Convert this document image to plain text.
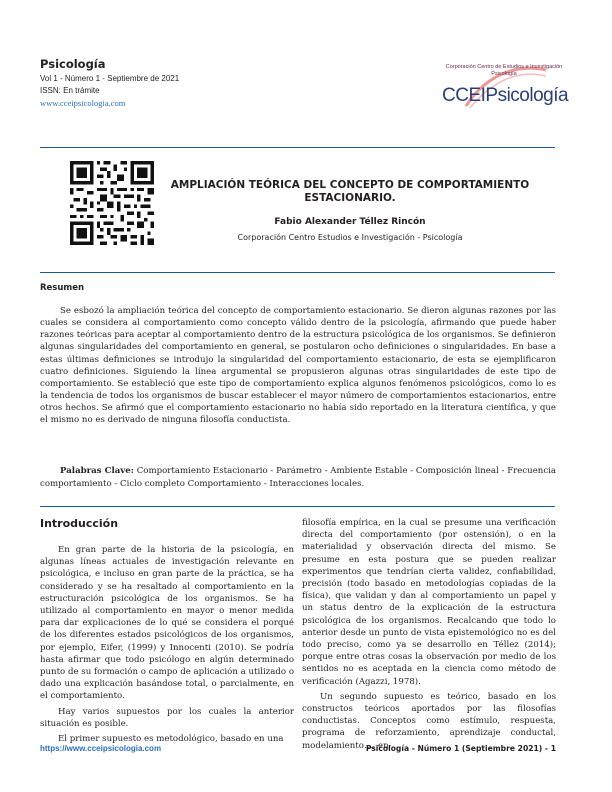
Psicología
Vol 1 - Número 1 - Septiembre de 2021
ISSN: En trámite
www.cceipsicologia.com
Corporación Centro de Estudios e Investigación
Psicología
CCEIPsicología
AMPLIACIÓN TEÓRICA DEL CONCEPTO DE COMPORTAMIENTO ESTACIONARIO.
Fabio Alexander Téllez Rincón
Corporación Centro Estudios e Investigación - Psicología
Resumen

Se esbozó la ampliación teórica del concepto de comportamiento estacionario. Se dieron algunas razones por las cuales se considera al comportamiento como concepto válido dentro de la psicología, afirmando que puede haber razones teóricas para aceptar al comportamiento dentro de la estructura psicológica de los organismos. Se definieron algunas singularidades del comportamiento en general, se postularon ocho definiciones o singularidades. En base a estas últimas definiciones se introdujo la singularidad del comportamiento estacionario, de esta se ejemplificaron cuatro definiciones. Siguiendo la línea argumental se propusieron algunas otras singularidades de este tipo de comportamiento. Se estableció que este tipo de comportamiento explica algunos fenómenos psicológicos, como lo es la tendencia de todos los organismos de buscar establecer el mayor número de comportamientos estacionarios, entre otros hechos. Se afirmó que el comportamiento estacionario no había sido reportado en la literatura científica, y que el mismo no es derivado de ninguna filosofía conductista.

Palabras Clave: Comportamiento Estacionario - Parámetro - Ambiente Estable - Composición lineal - Frecuencia comportamiento - Ciclo completo Comportamiento - Interacciones locales.

Introducción

En gran parte de la historia de la psicología, en algunas líneas actuales de investigación relevante en psicológica, e incluso en gran parte de la práctica, se ha considerado y se ha resaltado al comportamiento en la estructuración psicológica de los organismos. Se ha utilizado al comportamiento en mayor o menor medida para dar explicaciones de lo qué se considera el porqué de los diferentes estados psicológicos de los organismos, por ejemplo, Eifer, (1999) y Innocenti (2010). Se podría hasta afirmar que todo psicólogo en algún determinado punto de su formación o campo de aplicación a utilizado o dado una explicación basándose total, o parcialmente, en el comportamiento.

Hay varios supuestos por los cuales la anterior situación es posible.

El primer supuesto es metodológico, basado en una

filosofía empírica, en la cual se presume una verificación directa del comportamiento (por ostensión), o en la materialidad y observación directa del mismo. Se presume en esta postura que se pueden realizar experimentos que tendrían cierta validez, confiabilidad, precisión (todo basado en metodologías copiadas de la física), que validan y dan al comportamiento un papel y un status dentro de la explicación de la estructura psicológica de los organismos. Recalcando que todo lo anterior desde un punto de vista epistemológico no es del todo preciso, como ya se desarrollo en Téllez (2014); porque entre otras cosas la observación por medio de los sentidos no es aceptada en la ciencia como método de verificación (Agazzi, 1978).

Un segundo supuesto es teórico, basado en los constructos teóricos aportados por las filosofías conductistas. Conceptos como estímulo, respuesta, programa de reforzamiento, aprendizaje conductal, modelamiento…, en-

https://www.cceipsicologia.com	Psicología - Número 1 (Septiembre 2021) - 1
